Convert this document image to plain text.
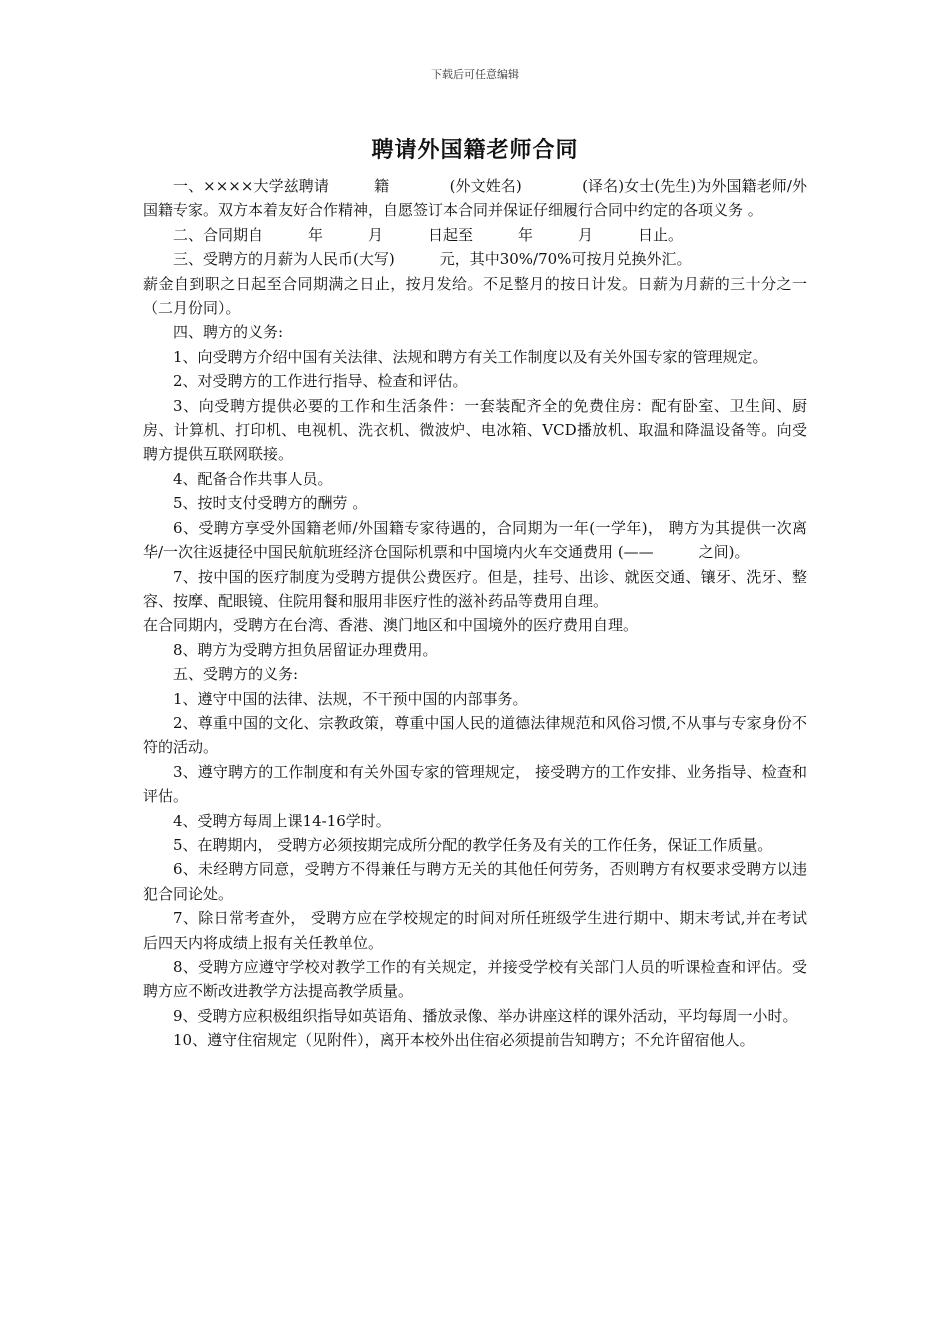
下载后可任意编辑
聘请外国籍老师合同

一、××××大学兹聘请　　　籍　　　　(外文姓名)　　　　(译名)女士(先生)为外国籍老师/外国籍专家。双方本着友好合作精神，自愿签订本合同并保证仔细履行合同中约定的各项义务 。

二、合同期自　　　年　　　月　　　日起至　　　年　　　月　　　日止。

三、受聘方的月薪为人民币(大写)　　　元，其中30%/70%可按月兑换外汇。

薪金自到职之日起至合同期满之日止，按月发给。不足整月的按日计发。日薪为月薪的三十分之一（二月份同）。

四、聘方的义务:

1、向受聘方介绍中国有关法律、法规和聘方有关工作制度以及有关外国专家的管理规定。

2、对受聘方的工作进行指导、检查和评估。

3、向受聘方提供必要的工作和生活条件：一套装配齐全的免费住房：配有卧室、卫生间、厨房、计算机、打印机、电视机、洗衣机、微波炉、电冰箱、VCD播放机、取温和降温设备等。向受聘方提供互联网联接。

4、配备合作共事人员。

5、按时支付受聘方的酬劳 。

6、受聘方享受外国籍老师/外国籍专家待遇的，合同期为一年(一学年)， 聘方为其提供一次离华/一次往返捷径中国民航航班经济仓国际机票和中国境内火车交通费用 (——　　　之间)。

7、按中国的医疗制度为受聘方提供公费医疗。但是，挂号、出诊、就医交通、镶牙、洗牙、整容、按摩、配眼镜、住院用餐和服用非医疗性的滋补药品等费用自理。

在合同期内，受聘方在台湾、香港、澳门地区和中国境外的医疗费用自理。

8、聘方为受聘方担负居留证办理费用。

五、受聘方的义务:

1、遵守中国的法律、法规，不干预中国的内部事务。

2、尊重中国的文化、宗教政策，尊重中国人民的道德法律规范和风俗习惯,不从事与专家身份不符的活动。

3、遵守聘方的工作制度和有关外国专家的管理规定， 接受聘方的工作安排、业务指导、检查和评估。

4、受聘方每周上课14-16学时。

5、在聘期内， 受聘方必须按期完成所分配的教学任务及有关的工作任务，保证工作质量。

6、未经聘方同意，受聘方不得兼任与聘方无关的其他任何劳务，否则聘方有权要求受聘方以违犯合同论处。

7、除日常考查外， 受聘方应在学校规定的时间对所任班级学生进行期中、期末考试,并在考试后四天内将成绩上报有关任教单位。

8、受聘方应遵守学校对教学工作的有关规定，并接受学校有关部门人员的听课检查和评估。受聘方应不断改进教学方法提高教学质量。

9、受聘方应积极组织指导如英语角、播放录像、举办讲座这样的课外活动，平均每周一小时。

10、遵守住宿规定（见附件），离开本校外出住宿必须提前告知聘方；不允许留宿他人。
